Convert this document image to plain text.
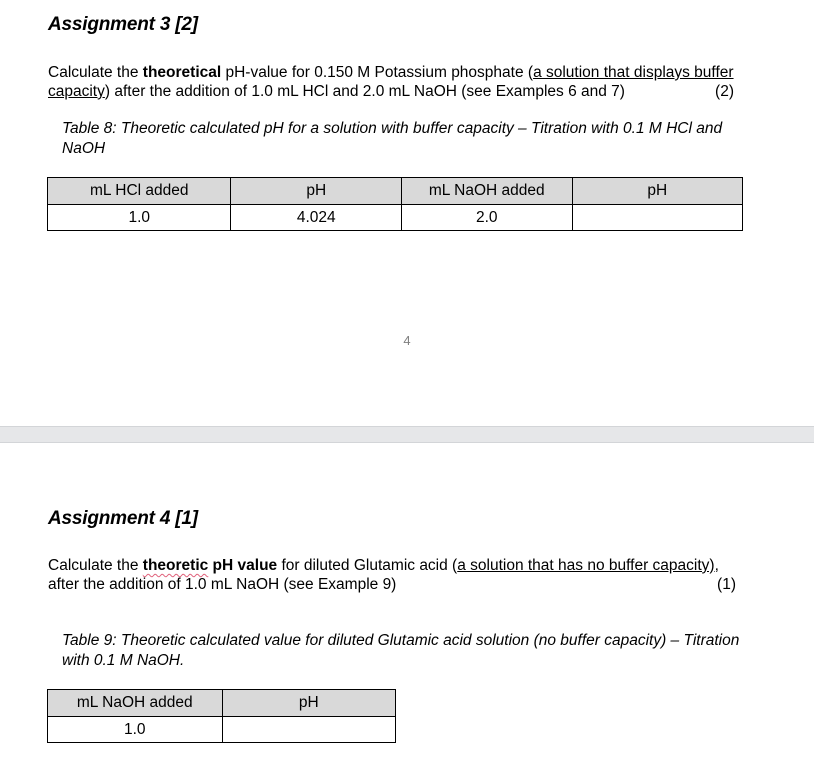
Assignment 3 [2]
Calculate the theoretical pH-value for 0.150 M Potassium phosphate (a solution that displays buffer
capacity) after the addition of 1.0 mL HCl and 2.0 mL NaOH (see Examples 6 and 7)	(2)
Table 8: Theoretic calculated pH for a solution with buffer capacity – Titration with 0.1 M HCl and NaOH
mL HCl added	pH	mL NaOH added	pH
1.0	4.024	2.0	
4
Assignment 4 [1]
Calculate the theoretic pH value for diluted Glutamic acid (a solution that has no buffer capacity),
after the addition of 1.0 mL NaOH (see Example 9)	(1)
Table 9: Theoretic calculated value for diluted Glutamic acid solution (no buffer capacity) – Titration with 0.1 M NaOH.
mL NaOH added	pH
1.0	
